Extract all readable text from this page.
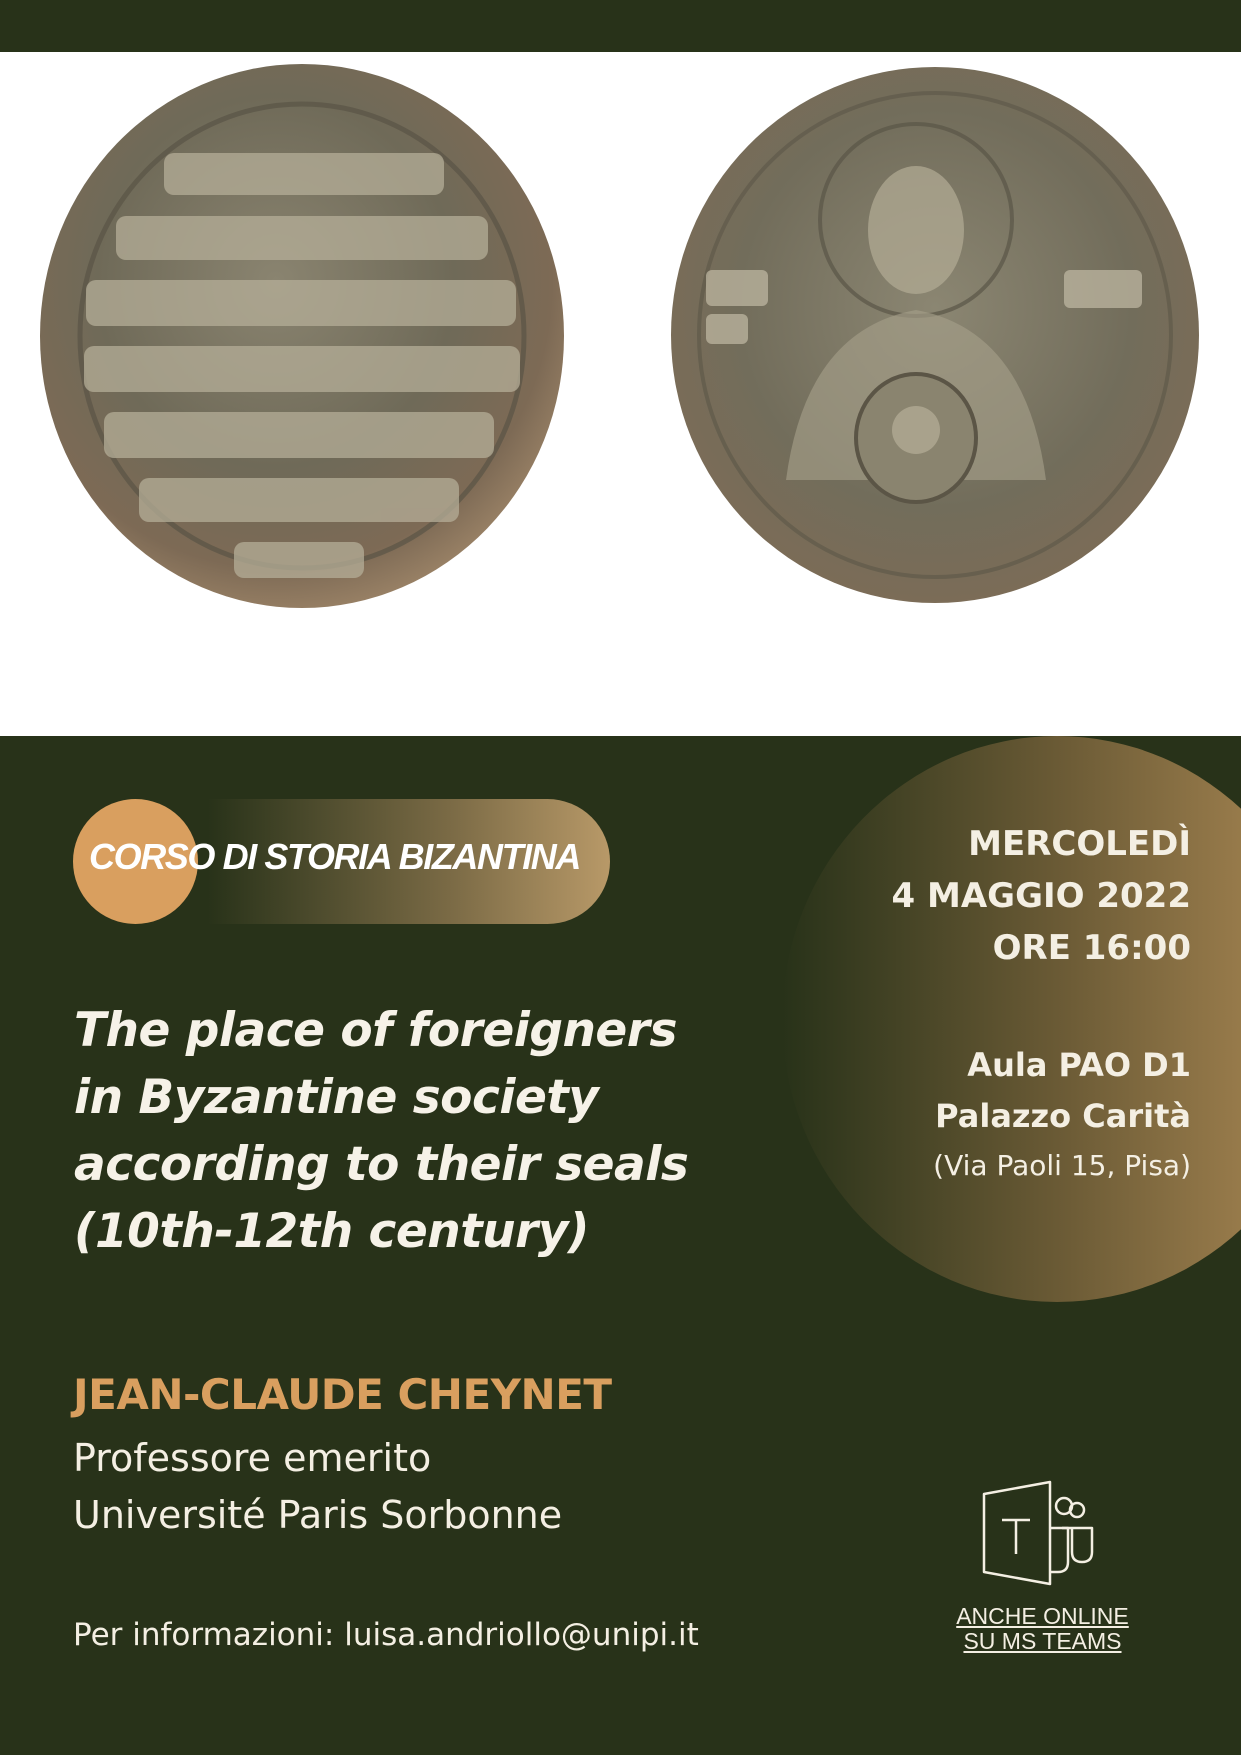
CORSO DI STORIA BIZANTINA
The place of foreigners
in Byzantine society
according to their seals
(10th-12th century)
MERCOLEDÌ
4 MAGGIO 2022
ORE 16:00
Aula PAO D1
Palazzo Carità
(Via Paoli 15, Pisa)
JEAN-CLAUDE CHEYNET
Professore emerito
Université Paris Sorbonne
Per informazioni: luisa.andriollo@unipi.it
ANCHE ONLINE
SU MS TEAMS
